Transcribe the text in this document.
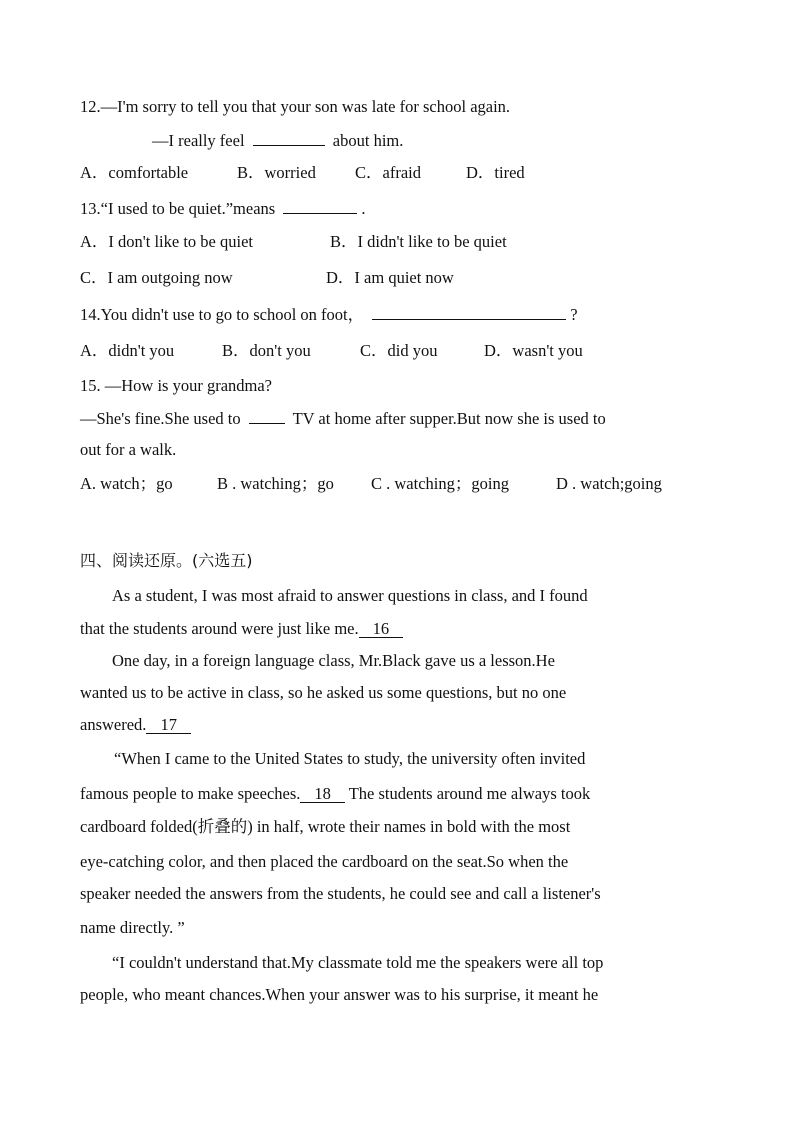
12.—I'm sorry to tell you that your son was late for school again.
—I really feel	about him.
A．comfortable	B．worried C．afraid	D．tired
13.“I used to be quiet.”means	.
A．I don't like to be quiet	B．I didn't like to be quiet
C．I am outgoing now	D．I am quiet now
14.You didn't use to go to school on foot，	?
A．didn't you	B．don't you	C．did you	D．wasn't you
15. —How is your grandma?
—She's fine.She used to	TV at home after supper.But now she is used to
out for a walk.
A. watch；go	B . watching；go C . watching；going	D . watch;going
四、阅读还原。(六选五)
As a student, I was most afraid to answer questions in class, and I found
that the students around were just like me. 16
One day, in a foreign language class, Mr.Black gave us a lesson.He
wanted us to be active in class, so he asked us some questions, but no one
answered. 17
“When I came to the United States to study, the university often invited
famous people to make speeches. 18 The students around me always took
cardboard folded(折叠的) in half, wrote their names in bold with the most
eye-catching color, and then placed the cardboard on the seat.So when the
speaker needed the answers from the students, he could see and call a listener's
name directly. ”
“I couldn't understand that.My classmate told me the speakers were all top
people, who meant chances.When your answer was to his surprise, it meant he
